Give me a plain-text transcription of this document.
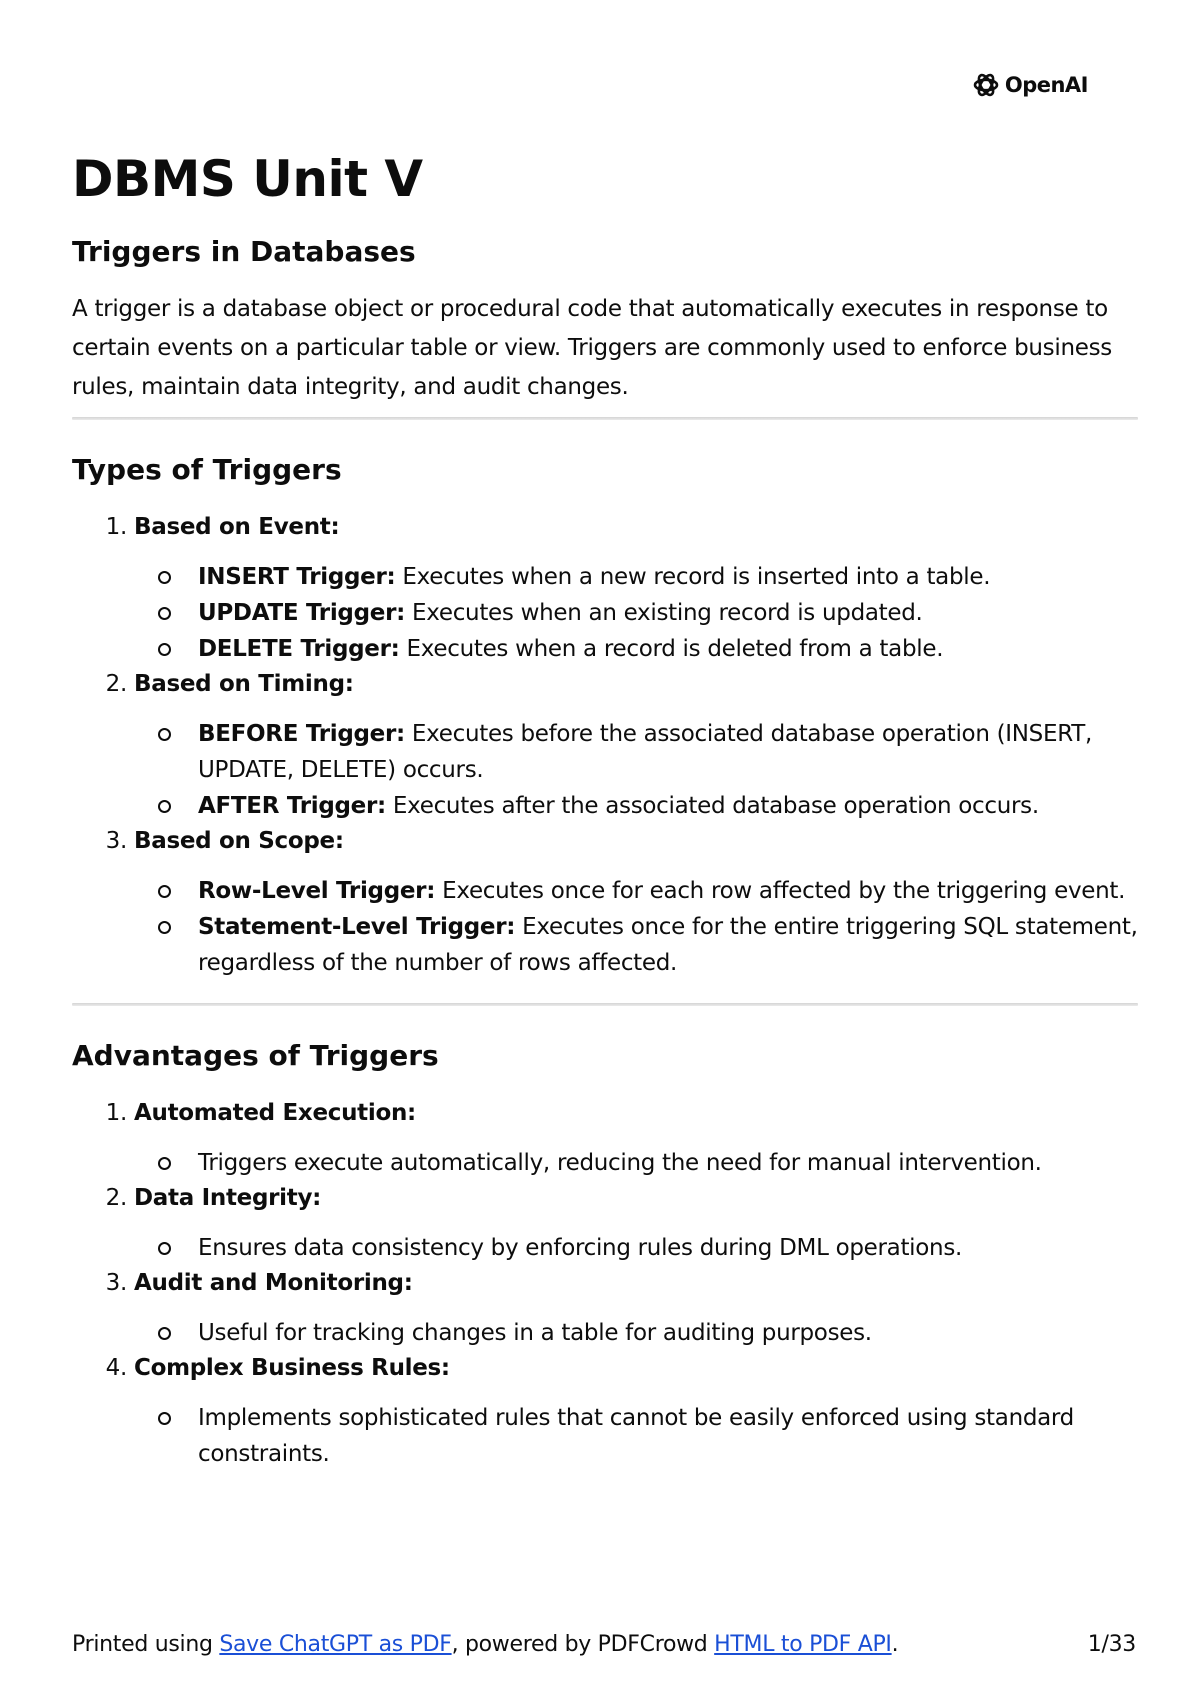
OpenAI
DBMS Unit V
Triggers in Databases

A trigger is a database object or procedural code that automatically executes in response to certain events on a particular table or view. Triggers are commonly used to enforce business rules, maintain data integrity, and audit changes.

Types of Triggers
1. Based on Event:
INSERT Trigger: Executes when a new record is inserted into a table.
UPDATE Trigger: Executes when an existing record is updated.
DELETE Trigger: Executes when a record is deleted from a table.
2. Based on Timing:
BEFORE Trigger: Executes before the associated database operation (INSERT, UPDATE, DELETE) occurs.
AFTER Trigger: Executes after the associated database operation occurs.
3. Based on Scope:
Row-Level Trigger: Executes once for each row affected by the triggering event.
Statement-Level Trigger: Executes once for the entire triggering SQL statement, regardless of the number of rows affected.
Advantages of Triggers
1. Automated Execution:
Triggers execute automatically, reducing the need for manual intervention.
2. Data Integrity:
Ensures data consistency by enforcing rules during DML operations.
3. Audit and Monitoring:
Useful for tracking changes in a table for auditing purposes.
4. Complex Business Rules:
Implements sophisticated rules that cannot be easily enforced using standard constraints.
Printed using Save ChatGPT as PDF, powered by PDFCrowd HTML to PDF API.	1/33
